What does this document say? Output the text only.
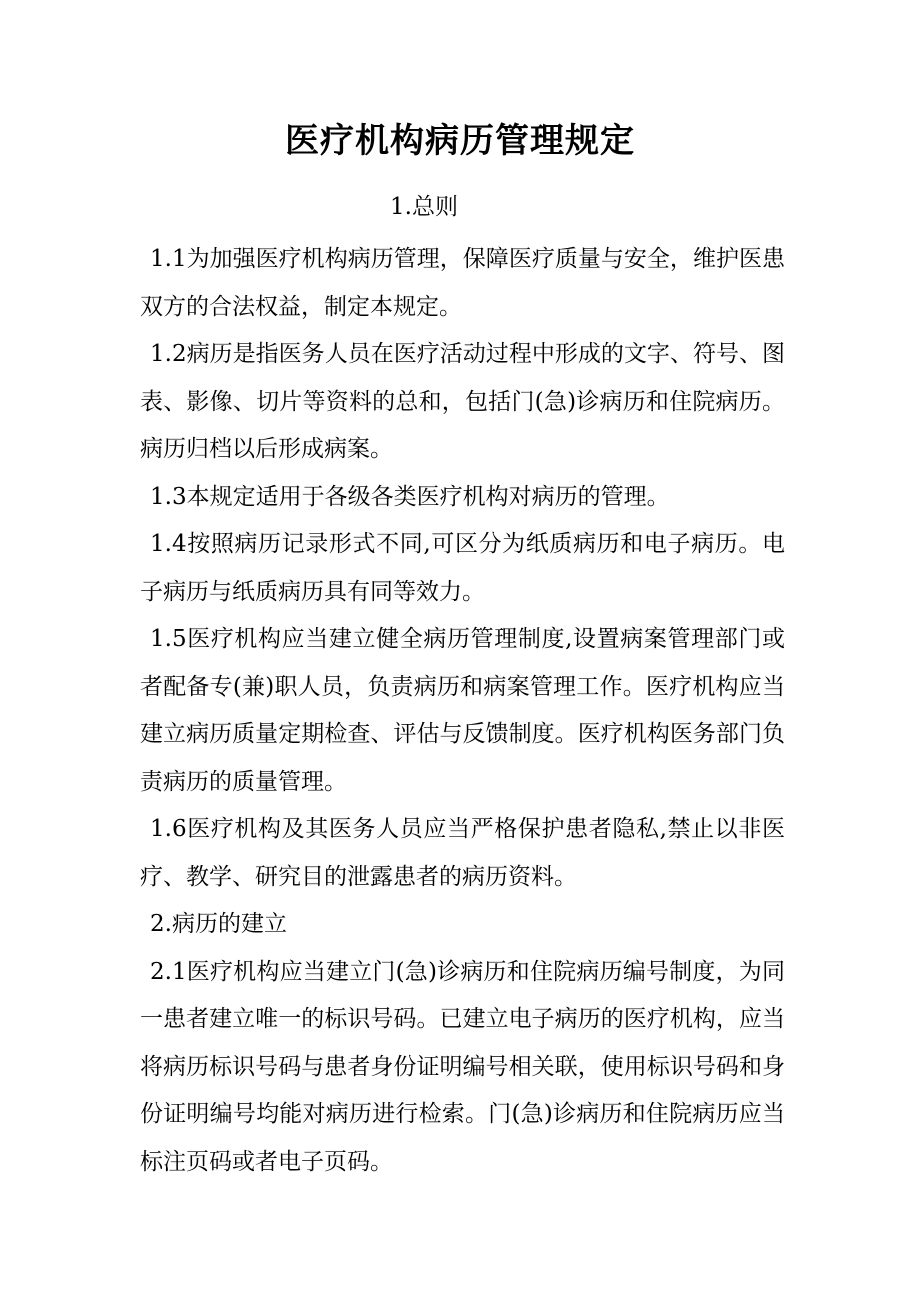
医疗机构病历管理规定

1.总则

1.1为加强医疗机构病历管理，保障医疗质量与安全，维护医患双方的合法权益，制定本规定。

1.2病历是指医务人员在医疗活动过程中形成的文字、符号、图表、影像、切片等资料的总和，包括门(急)诊病历和住院病历。病历归档以后形成病案。

1.3本规定适用于各级各类医疗机构对病历的管理。

1.4按照病历记录形式不同,可区分为纸质病历和电子病历。电子病历与纸质病历具有同等效力。

1.5医疗机构应当建立健全病历管理制度,设置病案管理部门或者配备专(兼)职人员，负责病历和病案管理工作。医疗机构应当建立病历质量定期检查、评估与反馈制度。医疗机构医务部门负责病历的质量管理。

1.6医疗机构及其医务人员应当严格保护患者隐私,禁止以非医疗、教学、研究目的泄露患者的病历资料。

2.病历的建立

2.1医疗机构应当建立门(急)诊病历和住院病历编号制度，为同一患者建立唯一的标识号码。已建立电子病历的医疗机构，应当将病历标识号码与患者身份证明编号相关联，使用标识号码和身份证明编号均能对病历进行检索。门(急)诊病历和住院病历应当标注页码或者电子页码。
